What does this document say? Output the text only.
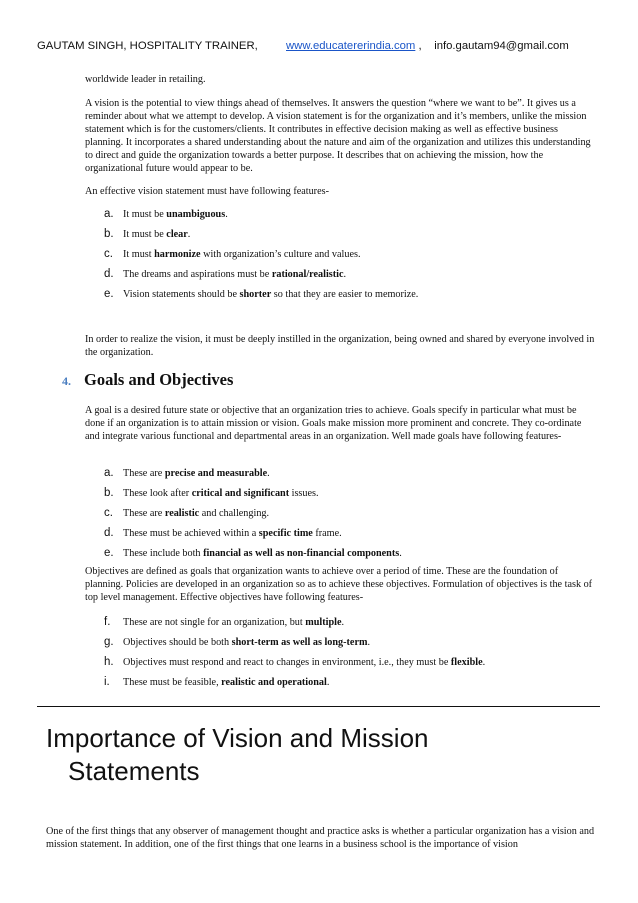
GAUTAM SINGH, HOSPITALITY TRAINER,	www.educatererindia.com , info.gautam94@gmail.com

worldwide leader in retailing.

A vision is the potential to view things ahead of themselves. It answers the question “where we want to be”. It gives us a reminder about what we attempt to develop. A vision statement is for the organization and it’s members, unlike the mission statement which is for the customers/clients. It contributes in effective decision making as well as effective business planning. It incorporates a shared understanding about the nature and aim of the organization and utilizes this understanding to direct and guide the organization towards a better purpose. It describes that on achieving the mission, how the organizational future would appear to be.

An effective vision statement must have following features-

a. It must be unambiguous.
b. It must be clear.
c. It must harmonize with organization’s culture and values.
d. The dreams and aspirations must be rational/realistic.
e. Vision statements should be shorter so that they are easier to memorize.

In order to realize the vision, it must be deeply instilled in the organization, being owned and shared by everyone involved in the organization.

4. Goals and Objectives

A goal is a desired future state or objective that an organization tries to achieve. Goals specify in particular what must be done if an organization is to attain mission or vision. Goals make mission more prominent and concrete. They co-ordinate and integrate various functional and departmental areas in an organization. Well made goals have following features-

a. These are precise and measurable.
b. These look after critical and significant issues.
c. These are realistic and challenging.
d. These must be achieved within a specific time frame.
e. These include both financial as well as non-financial components.

Objectives are defined as goals that organization wants to achieve over a period of time. These are the foundation of planning. Policies are developed in an organization so as to achieve these objectives. Formulation of objectives is the task of top level management. Effective objectives have following features-

f.	These are not single for an organization, but multiple.
g. Objectives should be both short-term as well as long-term.
h. Objectives must respond and react to changes in environment, i.e., they must be flexible.
i.	These must be feasible, realistic and operational.
Importance of Vision and Mission
Statements

One of the first things that any observer of management thought and practice asks is whether a particular organization has a vision and mission statement. In addition, one of the first things that one learns in a business school is the importance of vision
